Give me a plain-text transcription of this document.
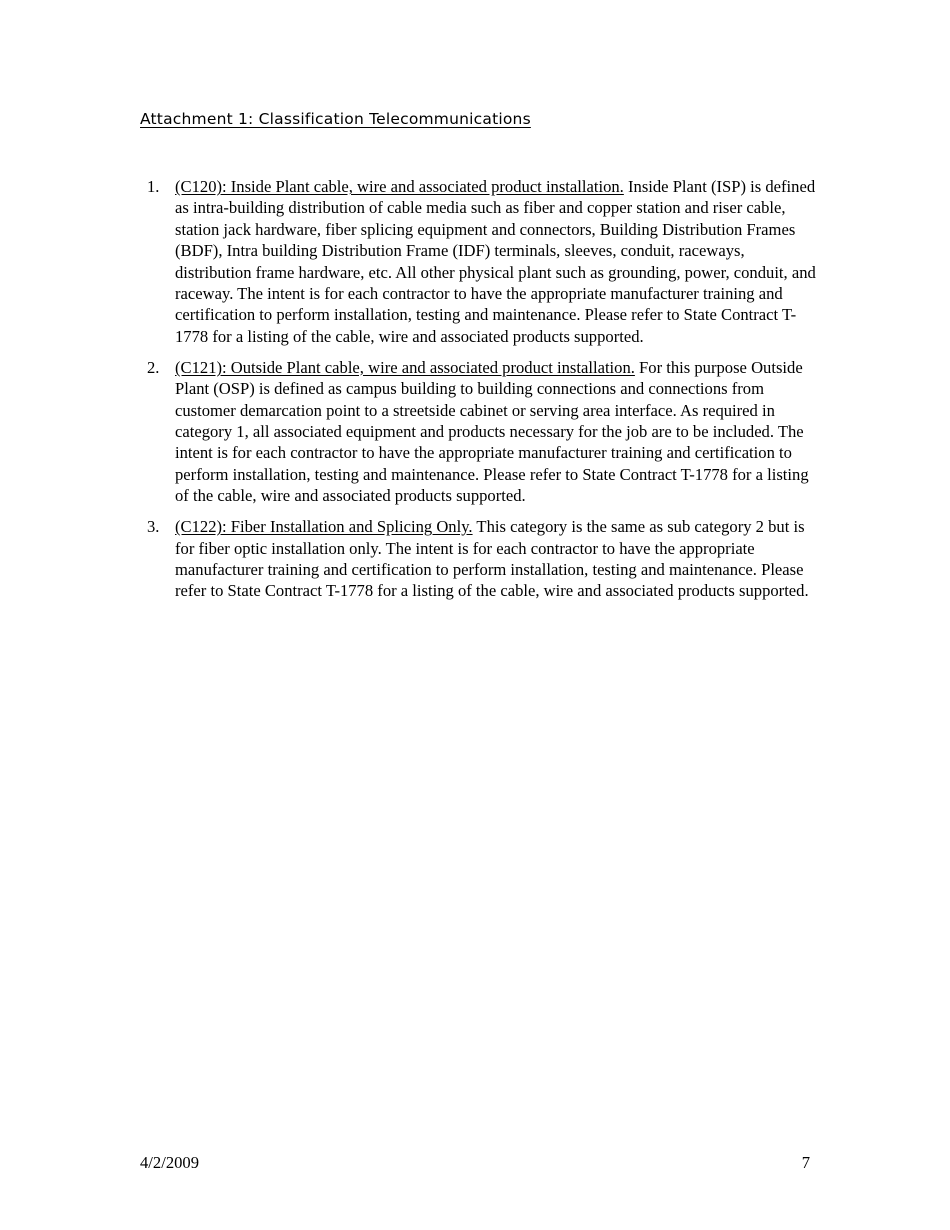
Attachment 1: Classification Telecommunications
1. (C120): Inside Plant cable, wire and associated product installation. Inside Plant (ISP) is defined as intra-building distribution of cable media such as fiber and copper station and riser cable, station jack hardware, fiber splicing equipment and connectors, Building Distribution Frames (BDF), Intra building Distribution Frame (IDF) terminals, sleeves, conduit, raceways, distribution frame hardware, etc. All other physical plant such as grounding, power, conduit, and raceway. The intent is for each contractor to have the appropriate manufacturer training and certification to perform installation, testing and maintenance. Please refer to State Contract T-1778 for a listing of the cable, wire and associated products supported.
2. (C121): Outside Plant cable, wire and associated product installation. For this purpose Outside Plant (OSP) is defined as campus building to building connections and connections from customer demarcation point to a streetside cabinet or serving area interface. As required in category 1, all associated equipment and products necessary for the job are to be included. The intent is for each contractor to have the appropriate manufacturer training and certification to perform installation, testing and maintenance. Please refer to State Contract T-1778 for a listing of the cable, wire and associated products supported.
3. (C122): Fiber Installation and Splicing Only. This category is the same as sub category 2 but is for fiber optic installation only. The intent is for each contractor to have the appropriate manufacturer training and certification to perform installation, testing and maintenance. Please refer to State Contract T-1778 for a listing of the cable, wire and associated products supported.
4/2/2009	7
